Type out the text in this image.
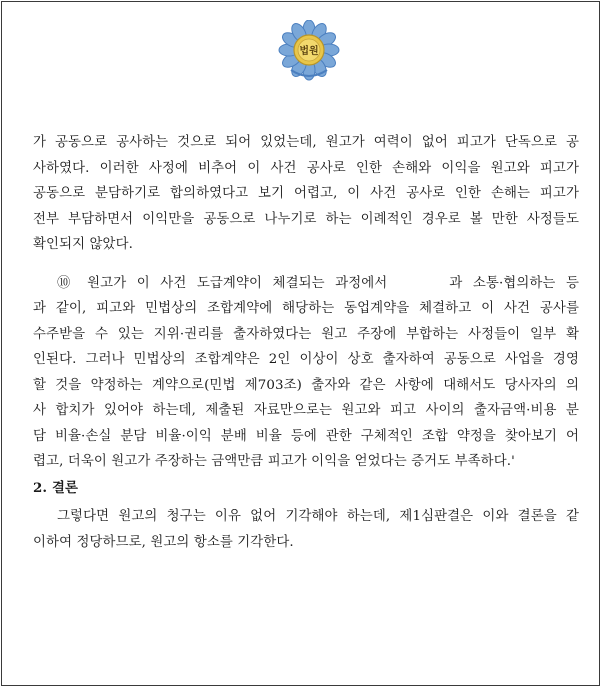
법원
가 공동으로 공사하는 것으로 되어 있었는데, 원고가 여력이 없어 피고가 단독으로 공
사하였다. 이러한 사정에 비추어 이 사건 공사로 인한 손해와 이익을 원고와 피고가
공동으로 분담하기로 합의하였다고 보기 어렵고, 이 사건 공사로 인한 손해는 피고가
전부 부담하면서 이익만을 공동으로 나누기로 하는 이례적인 경우로 볼 만한 사정들도
확인되지 않았다.
⑩ 원고가 이 사건 도급계약이 체결되는 과정에서	과 소통·협의하는 등
과 같이, 피고와 민법상의 조합계약에 해당하는 동업계약을 체결하고 이 사건 공사를
수주받을 수 있는 지위·권리를 출자하였다는 원고 주장에 부합하는 사정들이 일부 확
인된다. 그러나 민법상의 조합계약은 2인 이상이 상호 출자하여 공동으로 사업을 경영
할 것을 약정하는 계약으로(민법 제703조) 출자와 같은 사항에 대해서도 당사자의 의
사 합치가 있어야 하는데, 제출된 자료만으로는 원고와 피고 사이의 출자금액·비용 분
담 비율·손실 분담 비율·이익 분배 비율 등에 관한 구체적인 조합 약정을 찾아보기 어
렵고, 더욱이 원고가 주장하는 금액만큼 피고가 이익을 얻었다는 증거도 부족하다.'
2. 결론
그렇다면 원고의 청구는 이유 없어 기각해야 하는데, 제1심판결은 이와 결론을 같
이하여 정당하므로, 원고의 항소를 기각한다.
